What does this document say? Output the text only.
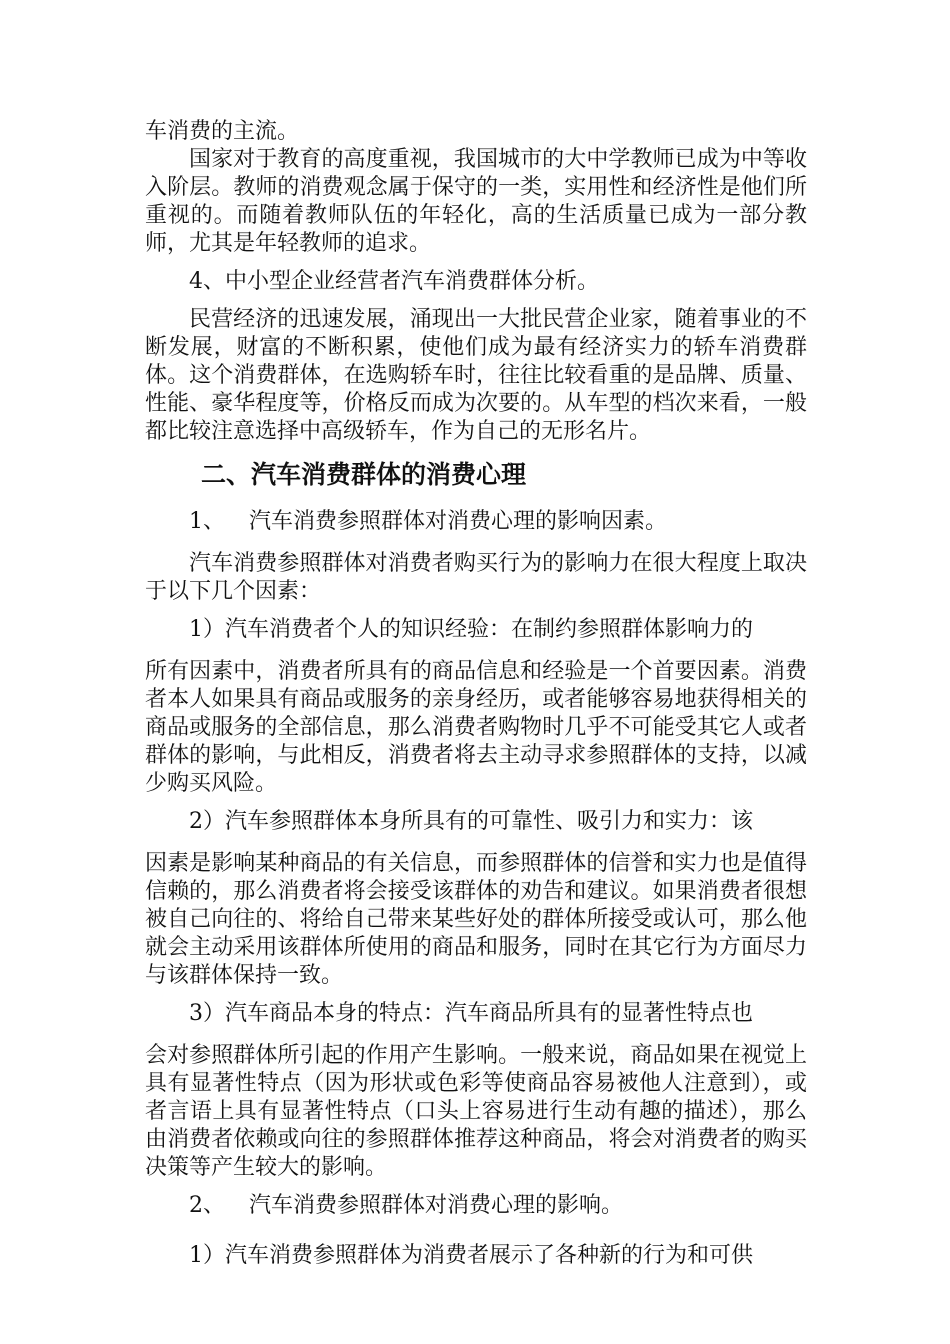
车消费的主流。

国家对于教育的高度重视，我国城市的大中学教师已成为中等收入阶层。教师的消费观念属于保守的一类，实用性和经济性是他们所重视的。而随着教师队伍的年轻化，高的生活质量已成为一部分教师，尤其是年轻教师的追求。

4、中小型企业经营者汽车消费群体分析。

民营经济的迅速发展，涌现出一大批民营企业家，随着事业的不断发展，财富的不断积累，使他们成为最有经济实力的轿车消费群体。这个消费群体，在选购轿车时，往往比较看重的是品牌、质量、性能、豪华程度等，价格反而成为次要的。从车型的档次来看，一般都比较注意选择中高级轿车，作为自己的无形名片。

二、汽车消费群体的消费心理
1、	汽车消费参照群体对消费心理的影响因素。

汽车消费参照群体对消费者购买行为的影响力在很大程度上取决于以下几个因素：

1）汽车消费者个人的知识经验：在制约参照群体影响力的

所有因素中，消费者所具有的商品信息和经验是一个首要因素。消费者本人如果具有商品或服务的亲身经历，或者能够容易地获得相关的商品或服务的全部信息，那么消费者购物时几乎不可能受其它人或者群体的影响，与此相反，消费者将去主动寻求参照群体的支持，以减少购买风险。

2）汽车参照群体本身所具有的可靠性、吸引力和实力：该

因素是影响某种商品的有关信息，而参照群体的信誉和实力也是值得信赖的，那么消费者将会接受该群体的劝告和建议。如果消费者很想被自己向往的、将给自己带来某些好处的群体所接受或认可，那么他就会主动采用该群体所使用的商品和服务，同时在其它行为方面尽力与该群体保持一致。

3）汽车商品本身的特点：汽车商品所具有的显著性特点也

会对参照群体所引起的作用产生影响。一般来说，商品如果在视觉上具有显著性特点（因为形状或色彩等使商品容易被他人注意到），或者言语上具有显著性特点（口头上容易进行生动有趣的描述），那么由消费者依赖或向往的参照群体推荐这种商品，将会对消费者的购买决策等产生较大的影响。

2、	汽车消费参照群体对消费心理的影响。

1）汽车消费参照群体为消费者展示了各种新的行为和可供
